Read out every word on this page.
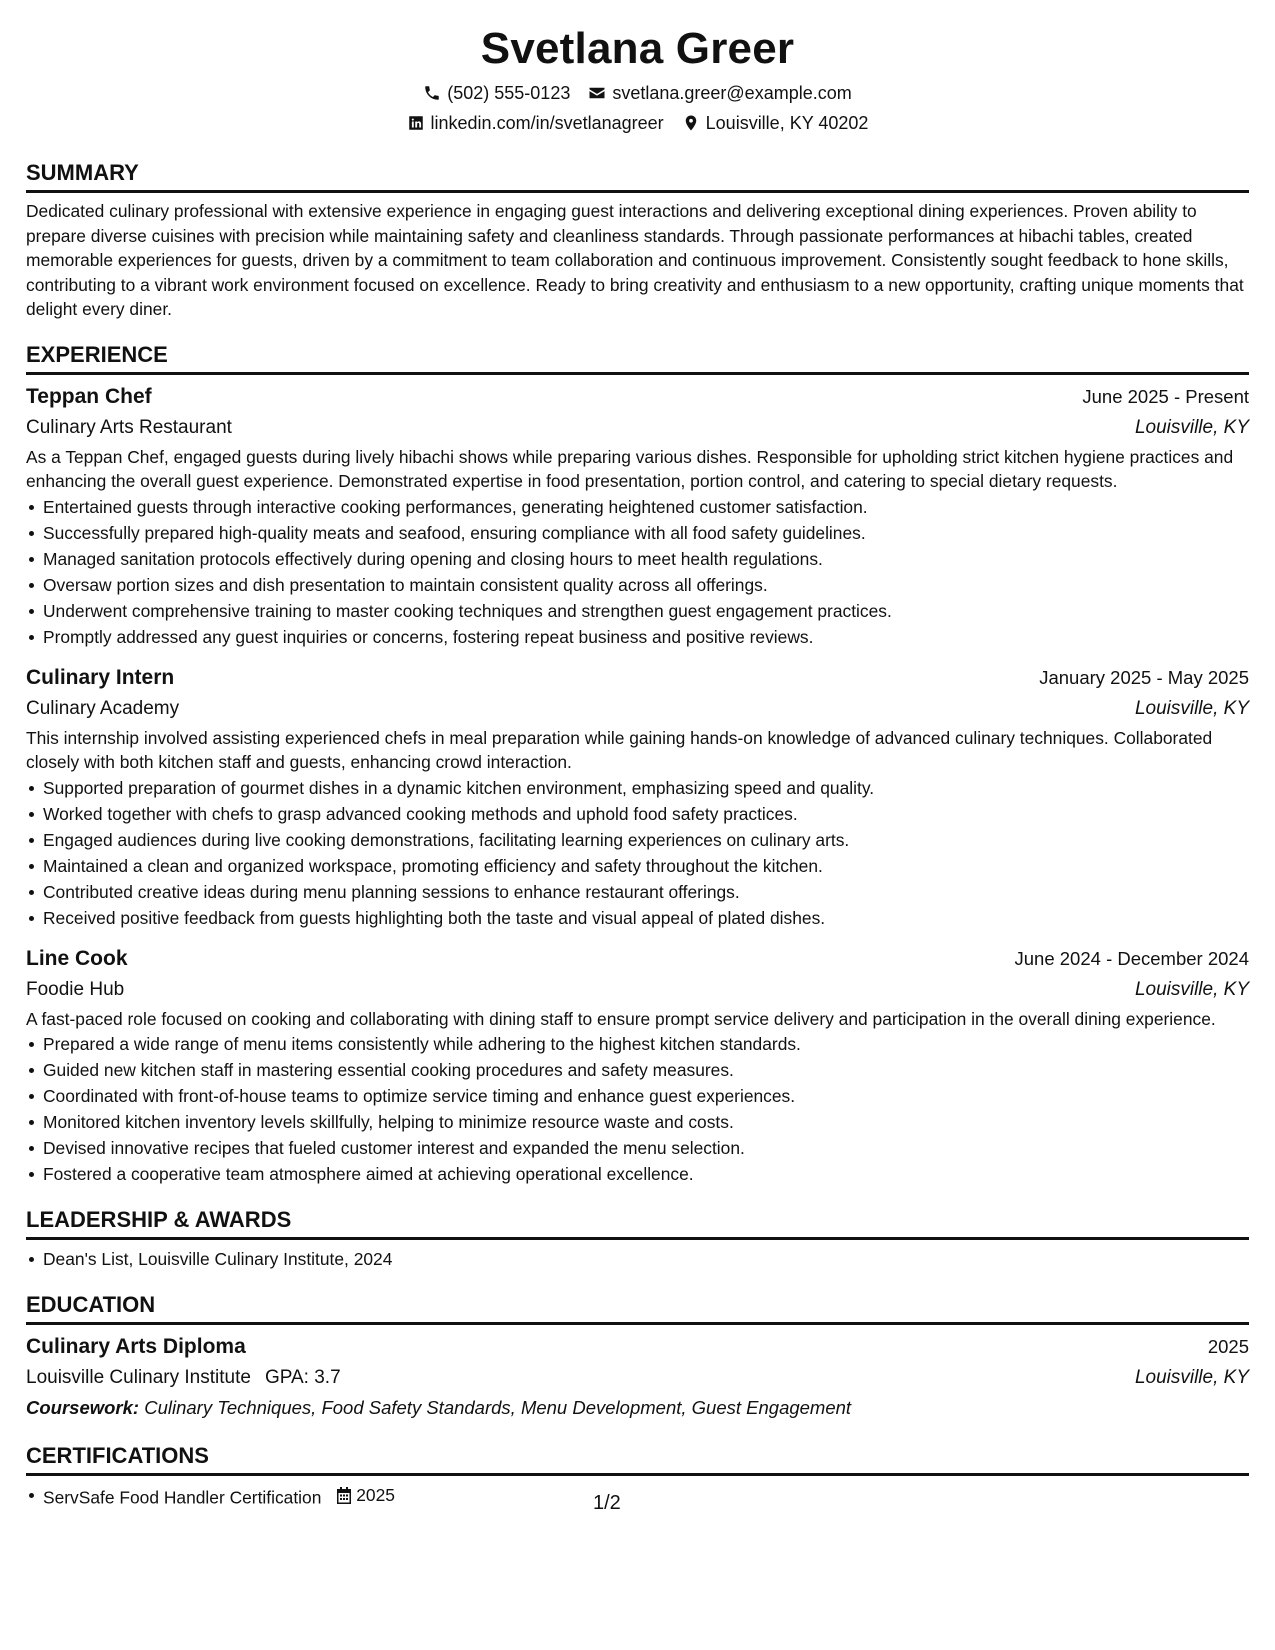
Svetlana Greer
(502) 555-0123 svetlana.greer@example.com
linkedin.com/in/svetlanagreer Louisville, KY 40202
SUMMARY

Dedicated culinary professional with extensive experience in engaging guest interactions and delivering exceptional dining experiences. Proven ability to prepare diverse cuisines with precision while maintaining safety and cleanliness standards. Through passionate performances at hibachi tables, created memorable experiences for guests, driven by a commitment to team collaboration and continuous improvement. Consistently sought feedback to hone skills, contributing to a vibrant work environment focused on excellence. Ready to bring creativity and enthusiasm to a new opportunity, crafting unique moments that delight every diner.

EXPERIENCE
Teppan Chef	June 2025 - Present
Culinary Arts Restaurant	Louisville, KY

As a Teppan Chef, engaged guests during lively hibachi shows while preparing various dishes. Responsible for upholding strict kitchen hygiene practices and enhancing the overall guest experience. Demonstrated expertise in food presentation, portion control, and catering to special dietary requests.

Entertained guests through interactive cooking performances, generating heightened customer satisfaction.
Successfully prepared high-quality meats and seafood, ensuring compliance with all food safety guidelines.
Managed sanitation protocols effectively during opening and closing hours to meet health regulations.
Oversaw portion sizes and dish presentation to maintain consistent quality across all offerings.
Underwent comprehensive training to master cooking techniques and strengthen guest engagement practices.
Promptly addressed any guest inquiries or concerns, fostering repeat business and positive reviews.
Culinary Intern	January 2025 - May 2025
Culinary Academy	Louisville, KY

This internship involved assisting experienced chefs in meal preparation while gaining hands-on knowledge of advanced culinary techniques. Collaborated closely with both kitchen staff and guests, enhancing crowd interaction.

Supported preparation of gourmet dishes in a dynamic kitchen environment, emphasizing speed and quality.
Worked together with chefs to grasp advanced cooking methods and uphold food safety practices.
Engaged audiences during live cooking demonstrations, facilitating learning experiences on culinary arts.
Maintained a clean and organized workspace, promoting efficiency and safety throughout the kitchen.
Contributed creative ideas during menu planning sessions to enhance restaurant offerings.
Received positive feedback from guests highlighting both the taste and visual appeal of plated dishes.
Line Cook	June 2024 - December 2024
Foodie Hub	Louisville, KY

A fast-paced role focused on cooking and collaborating with dining staff to ensure prompt service delivery and participation in the overall dining experience.

Prepared a wide range of menu items consistently while adhering to the highest kitchen standards.
Guided new kitchen staff in mastering essential cooking procedures and safety measures.
Coordinated with front-of-house teams to optimize service timing and enhance guest experiences.
Monitored kitchen inventory levels skillfully, helping to minimize resource waste and costs.
Devised innovative recipes that fueled customer interest and expanded the menu selection.
Fostered a cooperative team atmosphere aimed at achieving operational excellence.
LEADERSHIP & AWARDS
Dean's List, Louisville Culinary Institute, 2024
EDUCATION
Culinary Arts Diploma	2025
Louisville Culinary Institute GPA: 3.7	Louisville, KY
Coursework: Culinary Techniques, Food Safety Standards, Menu Development, Guest Engagement
CERTIFICATIONS
ServSafe Food Handler Certification 2025	1/2
